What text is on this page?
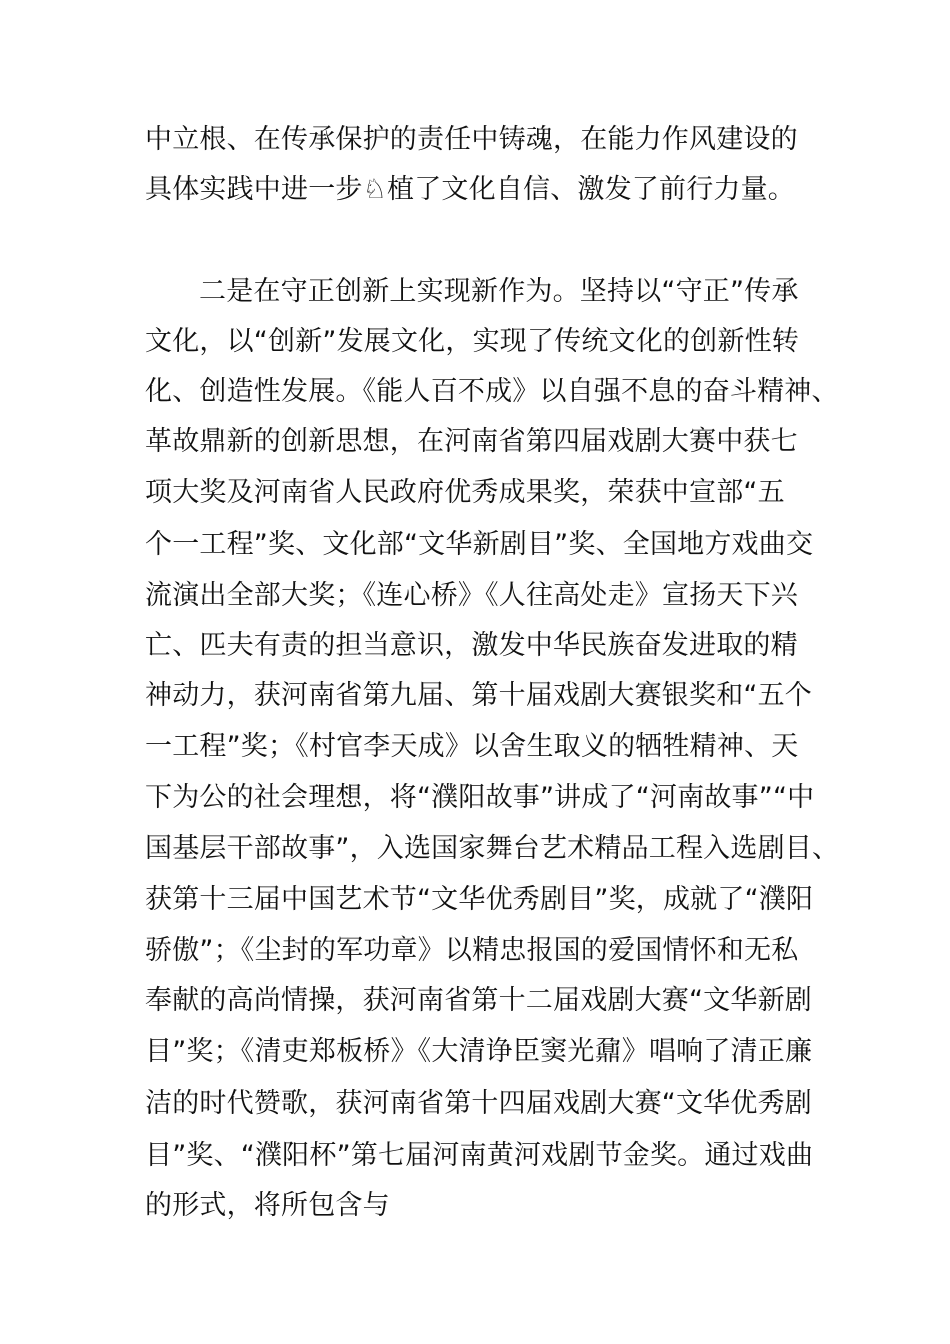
中立根、在传承保护的责任中铸魂，在能力作风建设的
具体实践中进一步♘植了文化自信、激发了前行力量。
二是在守正创新上实现新作为。坚持以“守正”传承
文化，以“创新”发展文化，实现了传统文化的创新性转
化、创造性发展。《能人百不成》以自强不息的奋斗精神、
革故鼎新的创新思想，在河南省第四届戏剧大赛中获七
项大奖及河南省人民政府优秀成果奖，荣获中宣部“五
个一工程”奖、文化部“文华新剧目”奖、全国地方戏曲交
流演出全部大奖；《连心桥》《人往高处走》宣扬天下兴
亡、匹夫有责的担当意识，激发中华民族奋发进取的精
神动力，获河南省第九届、第十届戏剧大赛银奖和“五个
一工程”奖；《村官李天成》以舍生取义的牺牲精神、天
下为公的社会理想，将“濮阳故事”讲成了“河南故事”“中
国基层干部故事”，入选国家舞台艺术精品工程入选剧目、
获第十三届中国艺术节“文华优秀剧目”奖，成就了“濮阳
骄傲”；《尘封的军功章》以精忠报国的爱国情怀和无私
奉献的高尚情操，获河南省第十二届戏剧大赛“文华新剧
目”奖；《清吏郑板桥》《大清诤臣窦光鼐》唱响了清正廉
洁的时代赞歌，获河南省第十四届戏剧大赛“文华优秀剧
目”奖、“濮阳杯”第七届河南黄河戏剧节金奖。通过戏曲
的形式，将所包含与
